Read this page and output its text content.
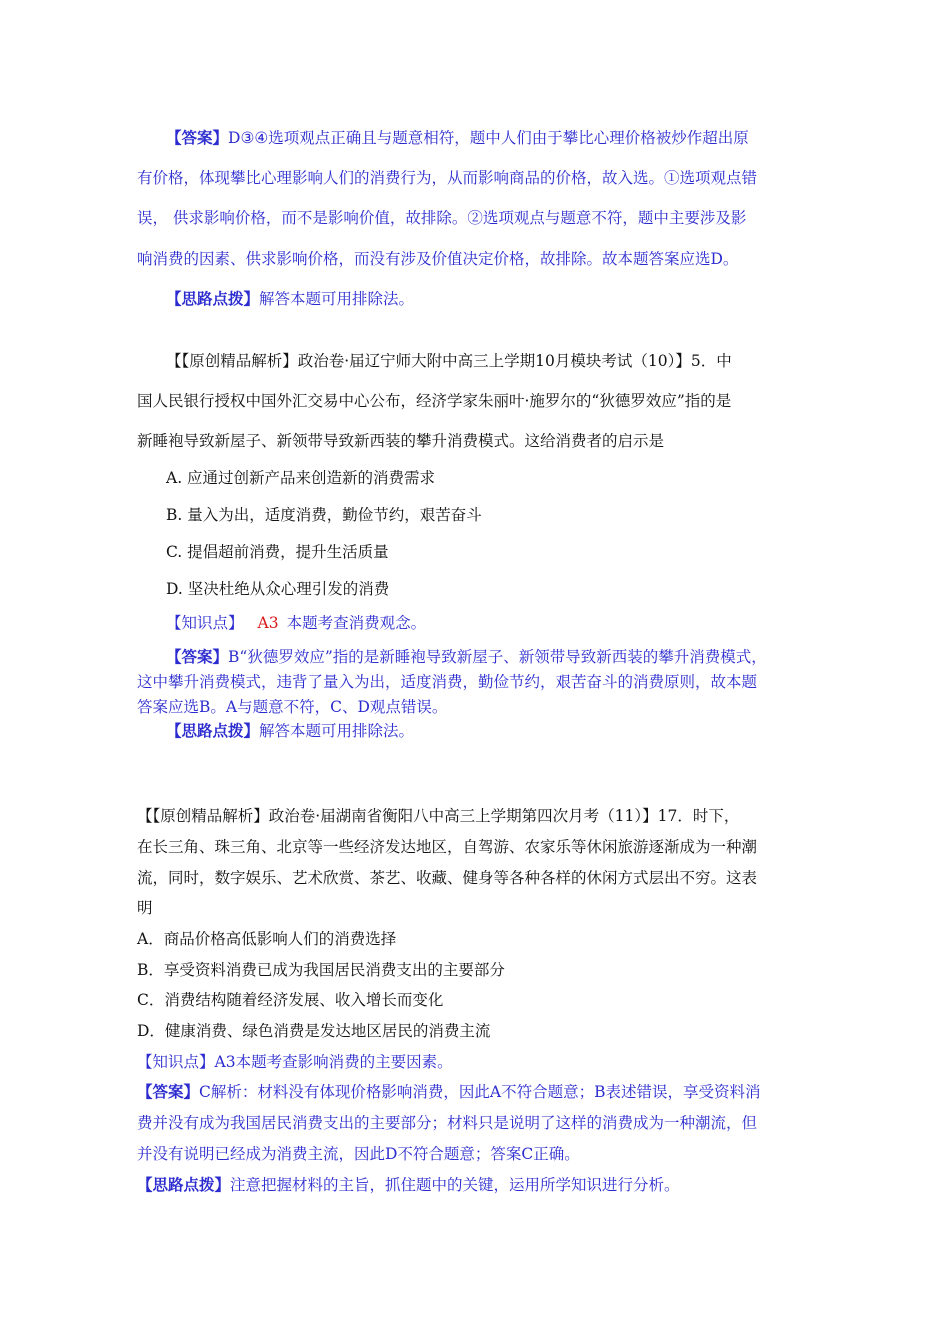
【答案】D③④选项观点正确且与题意相符，题中人们由于攀比心理价格被炒作超出原
有价格，体现攀比心理影响人们的消费行为，从而影响商品的价格，故入选。①选项观点错
误， 供求影响价格，而不是影响价值，故排除。②选项观点与题意不符，题中主要涉及影
响消费的因素、供求影响价格，而没有涉及价值决定价格，故排除。故本题答案应选D。
【思路点拨】解答本题可用排除法。
【【原创精品解析】政治卷·届辽宁师大附中高三上学期10月模块考试（10）】5．中
国人民银行授权中国外汇交易中心公布，经济学家朱丽叶·施罗尔的“狄德罗效应”指的是
新睡袍导致新屋子、新领带导致新西装的攀升消费模式。这给消费者的启示是
A. 应通过创新产品来创造新的消费需求
B. 量入为出，适度消费，勤俭节约，艰苦奋斗
C. 提倡超前消费，提升生活质量
D. 坚决杜绝从众心理引发的消费
【知识点】 A3 本题考查消费观念。
【答案】B“狄德罗效应”指的是新睡袍导致新屋子、新领带导致新西装的攀升消费模式，
这中攀升消费模式，违背了量入为出，适度消费，勤俭节约，艰苦奋斗的消费原则，故本题
答案应选B。A与题意不符，C、D观点错误。
【思路点拨】解答本题可用排除法。
【【原创精品解析】政治卷·届湖南省衡阳八中高三上学期第四次月考（11）】17．时下，
在长三角、珠三角、北京等一些经济发达地区，自驾游、农家乐等休闲旅游逐渐成为一种潮
流，同时，数字娱乐、艺术欣赏、茶艺、收藏、健身等各种各样的休闲方式层出不穷。这表
明
A．商品价格高低影响人们的消费选择
B．享受资料消费已成为我国居民消费支出的主要部分
C．消费结构随着经济发展、收入增长而变化
D．健康消费、绿色消费是发达地区居民的消费主流
【知识点】A3本题考查影响消费的主要因素。
【答案】C解析：材料没有体现价格影响消费，因此A不符合题意；B表述错误，享受资料消
费并没有成为我国居民消费支出的主要部分；材料只是说明了这样的消费成为一种潮流，但
并没有说明已经成为消费主流，因此D不符合题意；答案C正确。
【思路点拨】注意把握材料的主旨，抓住题中的关键，运用所学知识进行分析。
